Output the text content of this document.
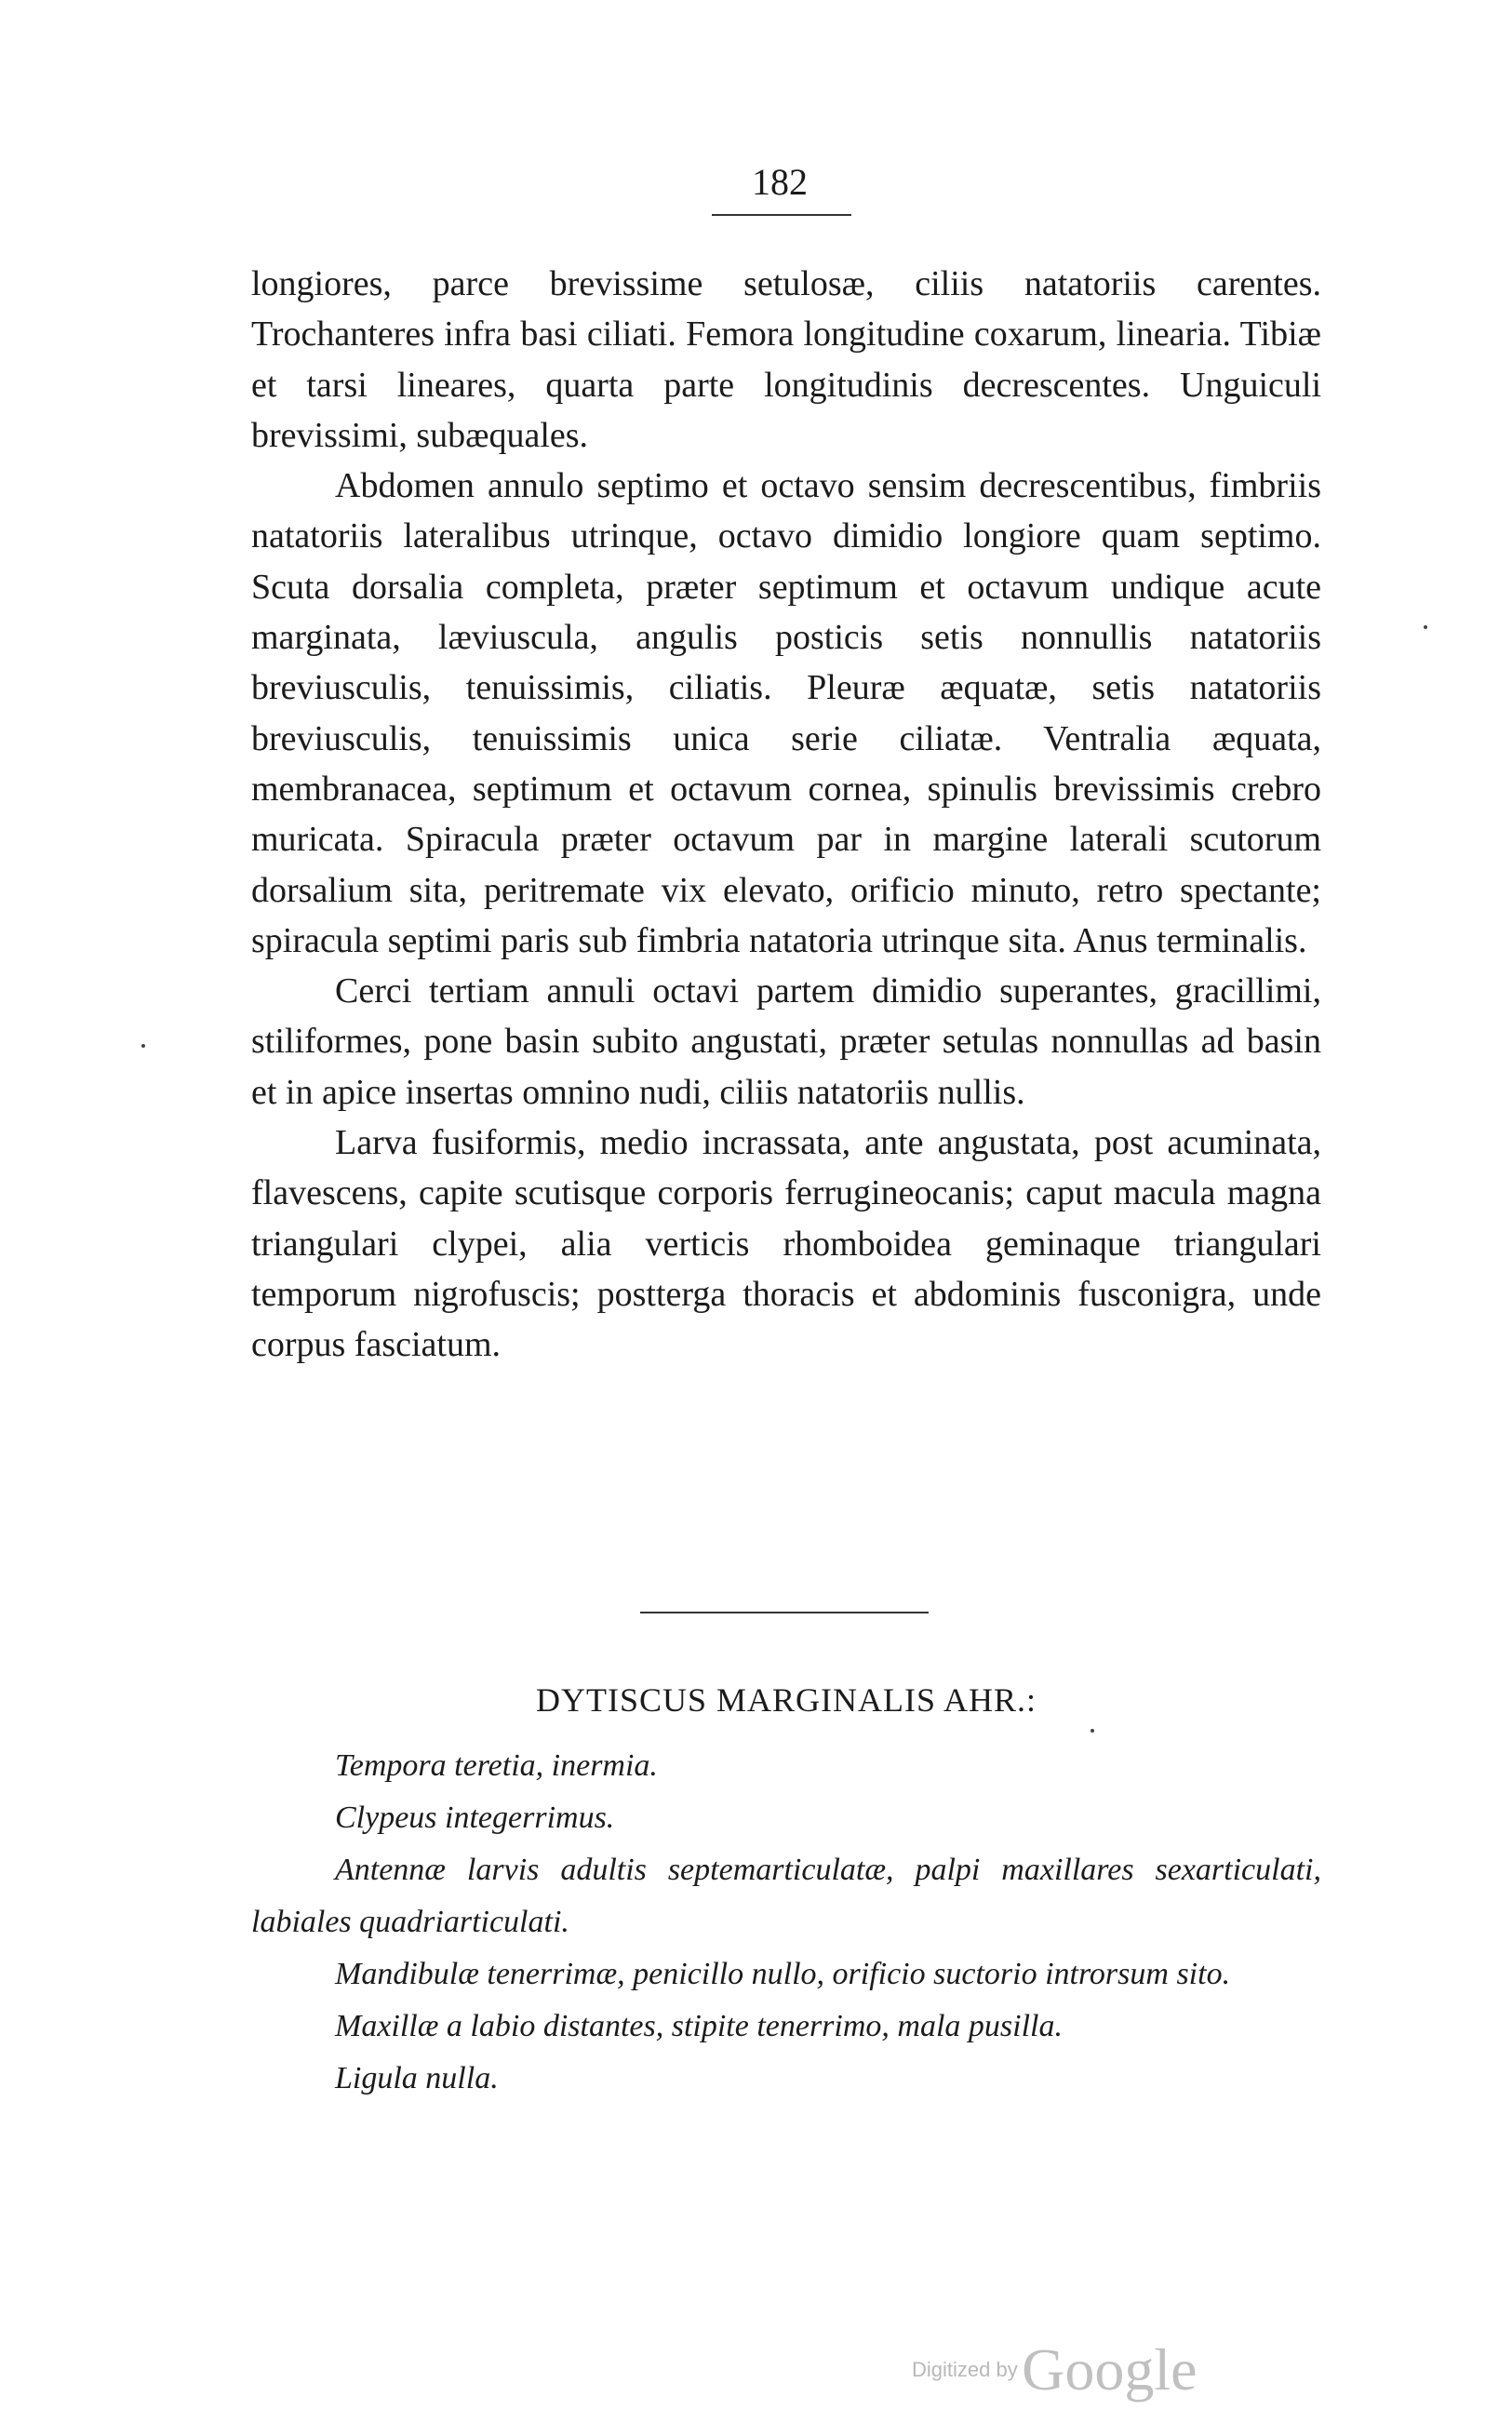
182

longiores, parce brevissime setulosæ, ciliis natatoriis carentes. Trochanteres infra basi ciliati. Femora longitudine coxarum, linearia. Tibiæ et tarsi lineares, quarta parte longitudinis decrescentes. Unguiculi brevissimi, subæquales.

Abdomen annulo septimo et octavo sensim decrescentibus, fimbriis natatoriis lateralibus utrinque, octavo dimidio longiore quam septimo. Scuta dorsalia completa, præter septimum et octavum undique acute marginata, læviuscula, angulis posticis setis nonnullis natatoriis breviusculis, tenuissimis, ciliatis. Pleuræ æquatæ, setis natatoriis breviusculis, tenuissimis unica serie ciliatæ. Ventralia æquata, membranacea, septimum et octavum cornea, spinulis brevissimis crebro muricata. Spiracula præter octavum par in margine laterali scutorum dorsalium sita, peritremate vix elevato, orificio minuto, retro spectante; spiracula septimi paris sub fimbria natatoria utrinque sita. Anus terminalis.

Cerci tertiam annuli octavi partem dimidio superantes, gracillimi, stiliformes, pone basin subito angustati, præter setulas nonnullas ad basin et in apice insertas omnino nudi, ciliis natatoriis nullis.

Larva fusiformis, medio incrassata, ante angustata, post acuminata, flavescens, capite scutisque corporis ferrugineocanis; caput macula magna triangulari clypei, alia verticis rhomboidea geminaque triangulari temporum nigrofuscis; postterga thoracis et abdominis fusconigra, unde corpus fasciatum.

DYTISCUS MARGINALIS AHR.:

Tempora teretia, inermia.

Clypeus integerrimus.

Antennæ larvis adultis septemarticulatæ, palpi maxillares sexarticulati, labiales quadriarticulati.

Mandibulæ tenerrimæ, penicillo nullo, orificio suctorio introrsum sito.

Maxillæ a labio distantes, stipite tenerrimo, mala pusilla.

Ligula nulla.

Digitized by Google
